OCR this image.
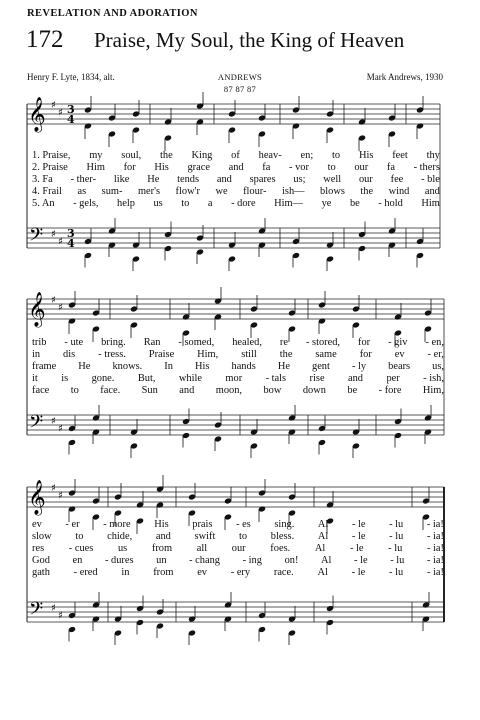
REVELATION AND ADORATION
172 Praise, My Soul, the King of Heaven
Henry F. Lyte, 1834, alt.	ANDREWS
87 87 87
Mark Andrews, 1930
𝄞
𝄢
♯
♯
♯
♯
3
4
3
4
𝄞
𝄢
♯
♯
♯
♯
𝄞
𝄢
♯
♯
♯
♯
1. Praise, my soul, the King of heav- en; to His feet thy
2. Praise Him for His grace and fa - vor to our fa - thers
3. Fa - ther- like He tends and spares us; well our fee - ble
4. Frail as sum- mer's flow'r we flour- ish— blows the wind and
5. An - gels, help us to a - dore Him— ye be - hold Him
trib - ute bring. Ran - somed, healed, re - stored, for - giv - en,
in dis - tress. Praise Him, still the same for ev - er,
frame He knows. In His hands He gent - ly bears us,
it is gone. But, while mor - tals rise and per - ish,
face to face. Sun and moon, bow down be - fore Him,
ev - er - more His prais - es sing. Al - le - lu - ia!
slow to chide, and swift to bless. Al - le - lu - ia!
res - cues us from all our foes. Al - le - lu - ia!
God en - dures un - chang - ing on! Al - le - lu - ia!
gath - ered in from ev - ery race. Al - le - lu - ia!
